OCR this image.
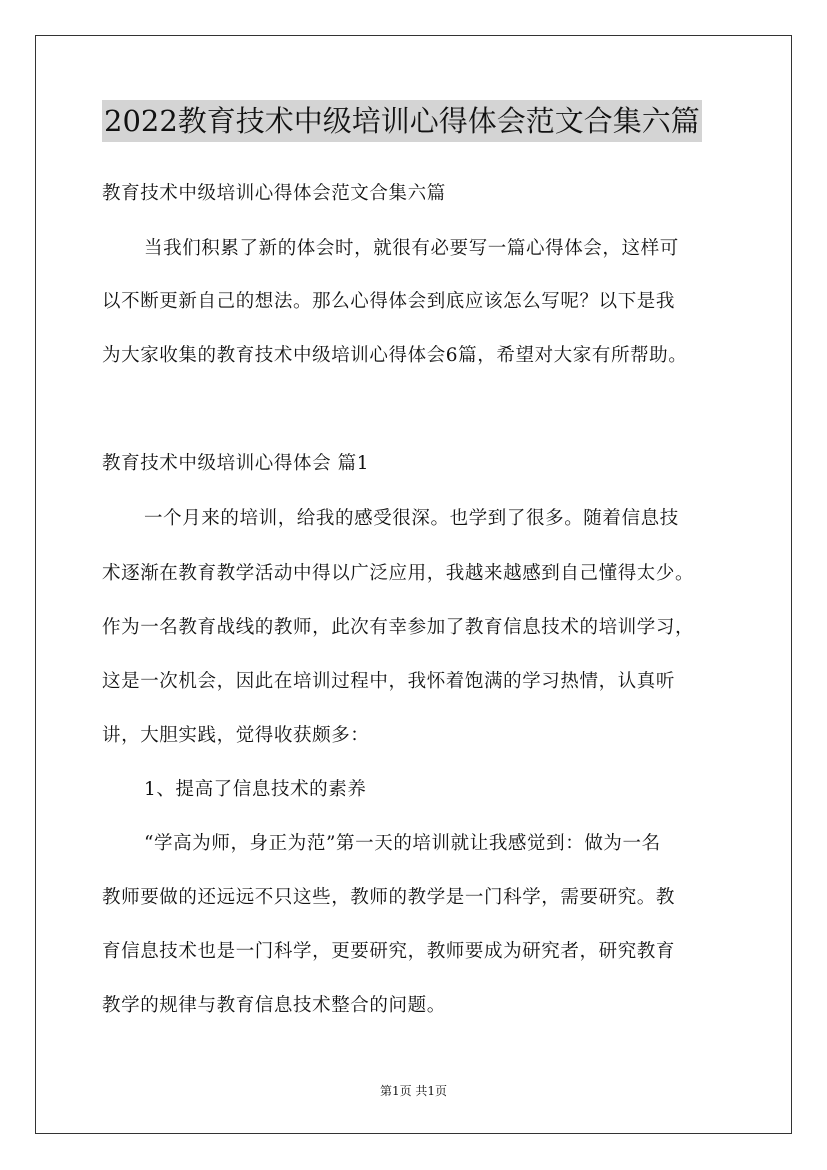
2022教育技术中级培训心得体会范文合集六篇
教育技术中级培训心得体会范文合集六篇
当我们积累了新的体会时，就很有必要写一篇心得体会，这样可
以不断更新自己的想法。那么心得体会到底应该怎么写呢？以下是我
为大家收集的教育技术中级培训心得体会6篇，希望对大家有所帮助。
教育技术中级培训心得体会 篇1
一个月来的培训，给我的感受很深。也学到了很多。随着信息技
术逐渐在教育教学活动中得以广泛应用，我越来越感到自己懂得太少。
作为一名教育战线的教师，此次有幸参加了教育信息技术的培训学习，
这是一次机会，因此在培训过程中，我怀着饱满的学习热情，认真听
讲，大胆实践，觉得收获颇多：
1、提高了信息技术的素养
“学高为师，身正为范”第一天的培训就让我感觉到：做为一名
教师要做的还远远不只这些，教师的教学是一门科学，需要研究。教
育信息技术也是一门科学，更要研究，教师要成为研究者，研究教育
教学的规律与教育信息技术整合的问题。
第1页 共1页
